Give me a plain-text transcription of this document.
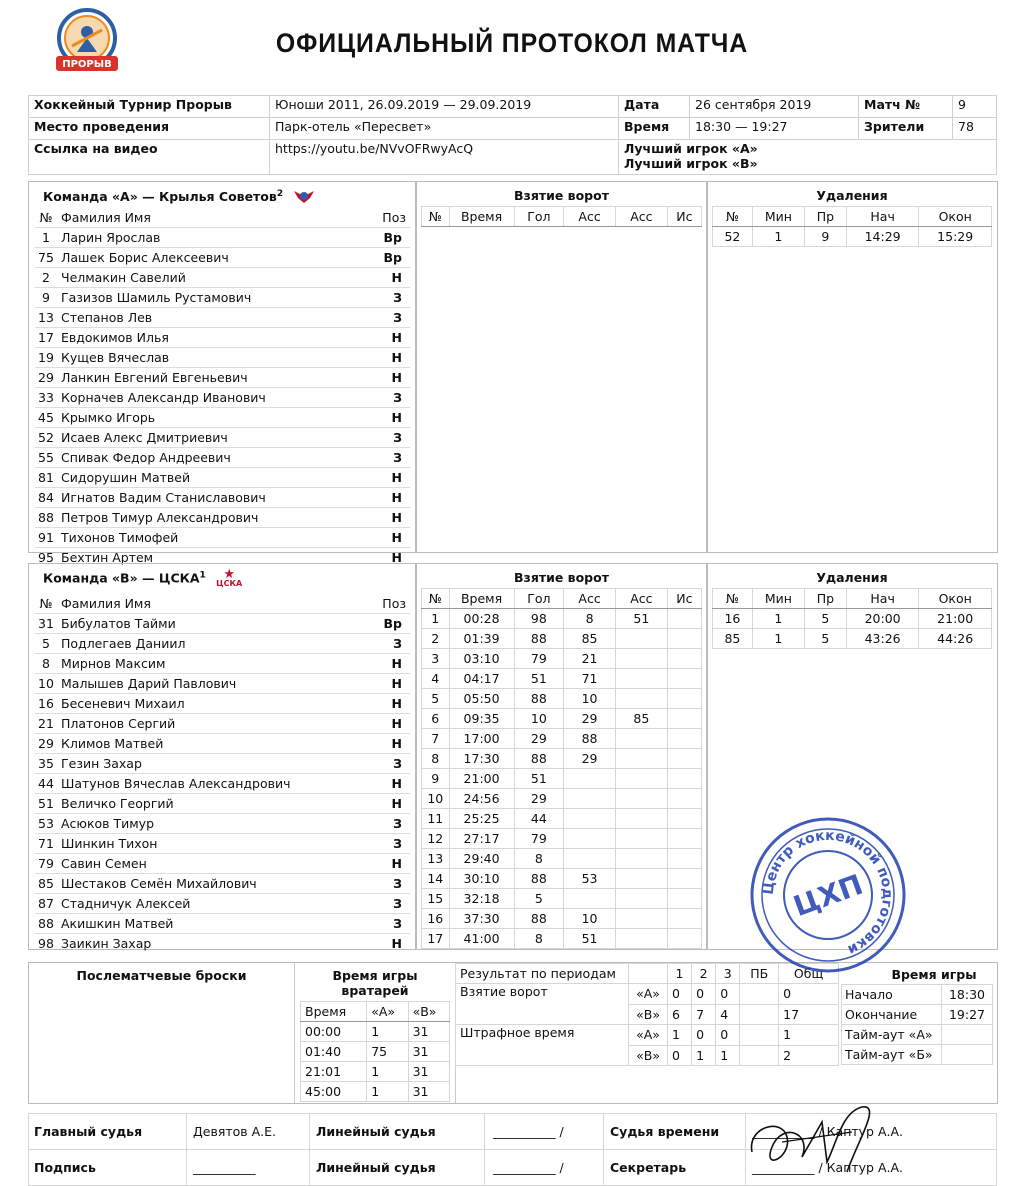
ПРОРЫВ
ОФИЦИАЛЬНЫЙ ПРОТОКОЛ МАТЧА
Хоккейный Турнир Прорыв	Юноши 2011, 26.09.2019 — 29.09.2019	Дата	26 сентября 2019	Матч №	9
Место проведения	Парк-отель «Пересвет»	Время	18:30 — 19:27	Зрители	78
Ссылка на видео	https://youtu.be/NVvOFRwyAcQ	Лучший игрок «А»
Лучший игрок «В»			
Команда «А» — Крылья Советов$^2$
№	Фамилия Имя	Поз
1	Ларин Ярослав	Вр
75	Лашек Борис Алексеевич	Вр
2	Челмакин Савелий	Н
9	Газизов Шамиль Рустамович	З
13	Степанов Лев	З
17	Евдокимов Илья	Н
19	Кущев Вячеслав	Н
29	Ланкин Евгений Евгеньевич	Н
33	Корначев Александр Иванович	З
45	Крымко Игорь	Н
52	Исаев Алекс Дмитриевич	З
55	Спивак Федор Андреевич	З
81	Сидорушин Матвей	Н
84	Игнатов Вадим Станиславович	Н
88	Петров Тимур Александрович	Н
91	Тихонов Тимофей	Н
95	Бехтин Артем	Н
Взятие ворот
№	Время	Гол	Асс	Асс	Ис
Удаления
№	Мин	Пр	Нач	Окон
52	1	9	14:29	15:29
Команда «В» — ЦСКА$^1$	★
ЦСКА
№	Фамилия Имя	Поз
31	Бибулатов Тайми	Вр
5	Подлегаев Даниил	З
8	Мирнов Максим	Н
10	Малышев Дарий Павлович	Н
16	Бесеневич Михаил	Н
21	Платонов Сергий	Н
29	Климов Матвей	Н
35	Гезин Захар	З
44	Шатунов Вячеслав Александрович	Н
51	Величко Георгий	Н
53	Асюков Тимур	З
71	Шинкин Тихон	З
79	Савин Семен	Н
85	Шестаков Семён Михайлович	З
87	Стадничук Алексей	З
88	Акишкин Матвей	З
98	Заикин Захар	Н
Взятие ворот
№	Время	Гол	Асс	Асс	Ис
1	00:28	98	8	51	
2	01:39	88	85		
3	03:10	79	21		
4	04:17	51	71		
5	05:50	88	10		
6	09:35	10	29	85	
7	17:00	29	88		
8	17:30	88	29		
9	21:00	51			
10	24:56	29			
11	25:25	44			
12	27:17	79			
13	29:40	8			
14	30:10	88	53		
15	32:18	5			
16	37:30	88	10		
17	41:00	8	51		
Удаления
№	Мин	Пр	Нач	Окон
16	1	5	20:00	21:00
85	1	5	43:26	44:26
Послематчевые броски	Время игры вратарей
Время	«А»	«В»
00:00	1	31
01:40	75	31
21:01	1	31
45:00	1	31
Результат по периодам		1	2	3	ПБ	Общ
Взятие ворот	«А»	0	0	0		0
	«В»	6	7	4		17
Штрафное время	«А»	1	0	0		1
	«В»	0	1	1		2
Время игры
Начало	18:30
Окончание	19:27
Тайм-аут «А»	
Тайм-аут «Б»	
Главный судья	Девятов А.Е.	Линейный судья	__________ /	Судья времени	__________ / Каптур А.А.
Подпись	__________	Линейный судья	__________ /	Секретарь	__________ / Каптур А.А.
Центр хоккейной подготовки
ЦХП
